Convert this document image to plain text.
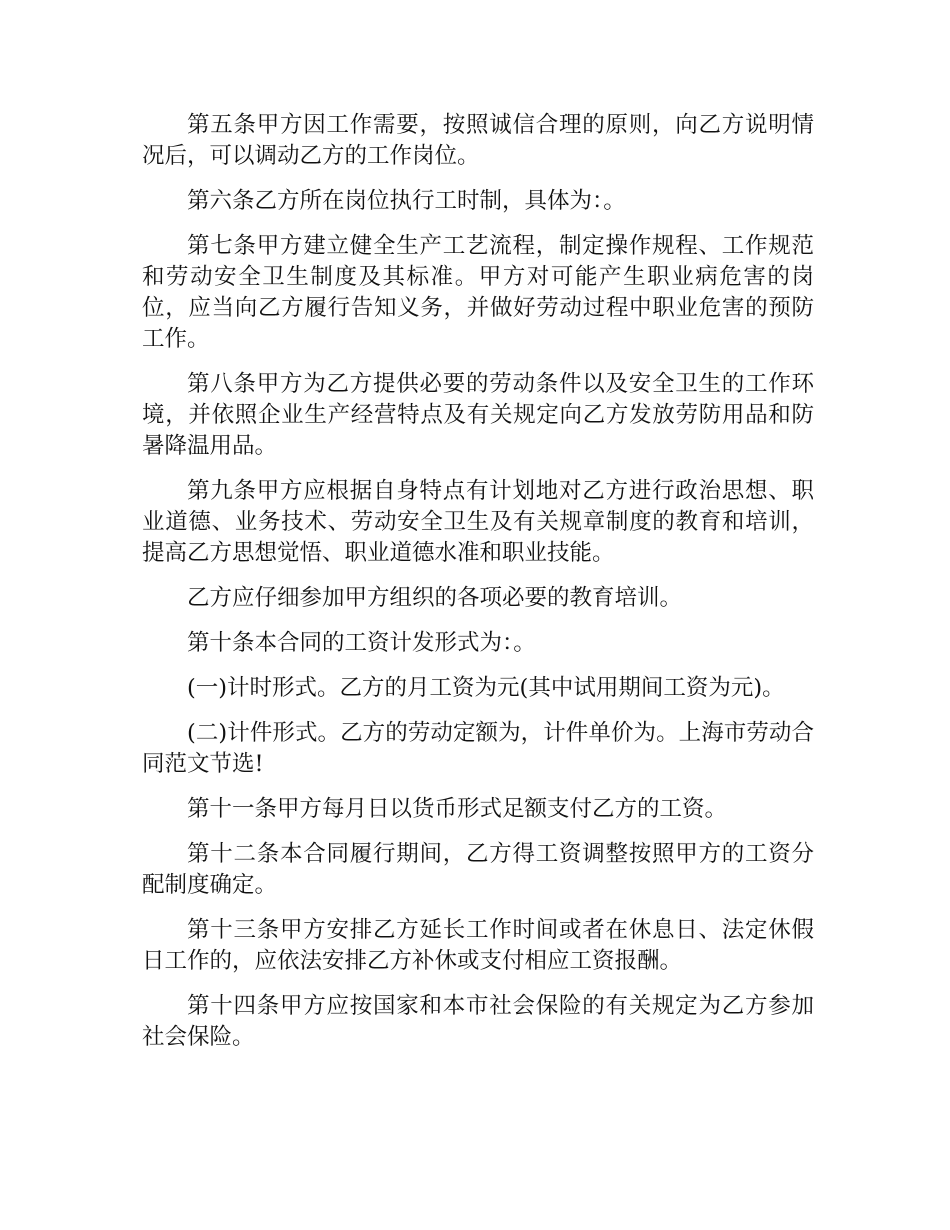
第五条甲方因工作需要，按照诚信合理的原则，向乙方说明情况后，可以调动乙方的工作岗位。

第六条乙方所在岗位执行工时制，具体为：。

第七条甲方建立健全生产工艺流程，制定操作规程、工作规范和劳动安全卫生制度及其标准。甲方对可能产生职业病危害的岗位，应当向乙方履行告知义务，并做好劳动过程中职业危害的预防工作。

第八条甲方为乙方提供必要的劳动条件以及安全卫生的工作环境，并依照企业生产经营特点及有关规定向乙方发放劳防用品和防暑降温用品。

第九条甲方应根据自身特点有计划地对乙方进行政治思想、职业道德、业务技术、劳动安全卫生及有关规章制度的教育和培训，提高乙方思想觉悟、职业道德水准和职业技能。

乙方应仔细参加甲方组织的各项必要的教育培训。

第十条本合同的工资计发形式为：。

(一)计时形式。乙方的月工资为元(其中试用期间工资为元)。

(二)计件形式。乙方的劳动定额为，计件单价为。上海市劳动合同范文节选!

第十一条甲方每月日以货币形式足额支付乙方的工资。

第十二条本合同履行期间，乙方得工资调整按照甲方的工资分配制度确定。

第十三条甲方安排乙方延长工作时间或者在休息日、法定休假日工作的，应依法安排乙方补休或支付相应工资报酬。

第十四条甲方应按国家和本市社会保险的有关规定为乙方参加社会保险。
